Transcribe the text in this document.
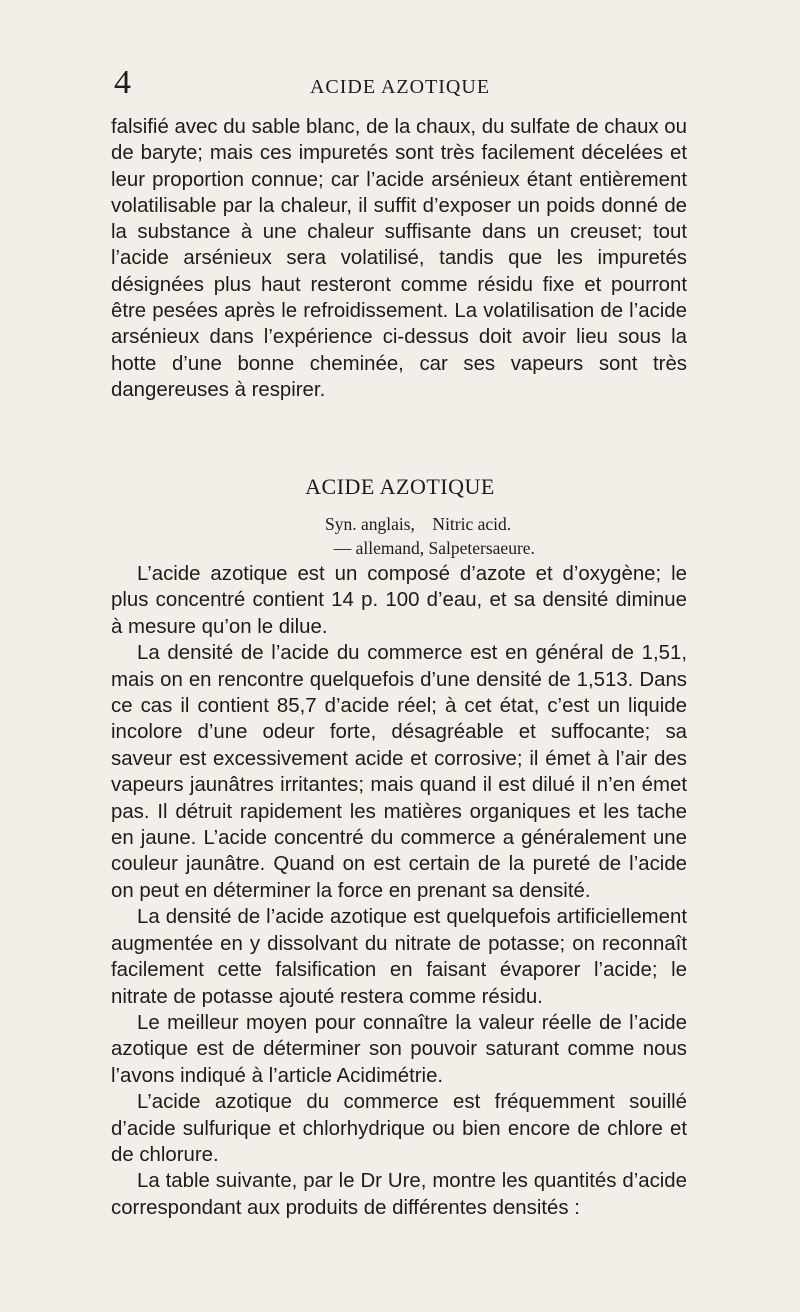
4	ACIDE AZOTIQUE

falsifié avec du sable blanc, de la chaux, du sulfate de chaux ou de baryte; mais ces impuretés sont très facilement décelées et leur proportion connue; car l’acide arsénieux étant entièrement volatilisable par la chaleur, il suffit d’exposer un poids donné de la substance à une chaleur suffisante dans un creuset; tout l’acide arsénieux sera volatilisé, tandis que les impuretés désignées plus haut resteront comme résidu fixe et pourront être pesées après le refroidissement. La volatilisation de l’acide arsénieux dans l’expérience ci-dessus doit avoir lieu sous la hotte d’une bonne cheminée, car ses vapeurs sont très dangereuses à respirer.

ACIDE AZOTIQUE
Syn. anglais,    Nitric acid.
— allemand, Salpetersaeure.

L’acide azotique est un composé d’azote et d’oxygène; le plus concentré contient 14 p. 100 d’eau, et sa densité diminue à mesure qu’on le dilue.

La densité de l’acide du commerce est en général de 1,51, mais on en rencontre quelquefois d’une densité de 1,513. Dans ce cas il contient 85,7 d’acide réel; à cet état, c’est un liquide incolore d’une odeur forte, désagréable et suffocante; sa saveur est excessivement acide et corrosive; il émet à l’air des vapeurs jaunâtres irritantes; mais quand il est dilué il n’en émet pas. Il détruit rapidement les matières organiques et les tache en jaune. L’acide concentré du commerce a généralement une couleur jaunâtre. Quand on est certain de la pureté de l’acide on peut en déterminer la force en prenant sa densité.

La densité de l’acide azotique est quelquefois artificiellement augmentée en y dissolvant du nitrate de potasse; on reconnaît facilement cette falsification en faisant évaporer l’acide; le nitrate de potasse ajouté restera comme résidu.

Le meilleur moyen pour connaître la valeur réelle de l’acide azotique est de déterminer son pouvoir saturant comme nous l’avons indiqué à l’article Acidimétrie.

L’acide azotique du commerce est fréquemment souillé d’acide sulfurique et chlorhydrique ou bien encore de chlore et de chlorure.

La table suivante, par le Dr Ure, montre les quantités d’acide correspondant aux produits de différentes densités :
